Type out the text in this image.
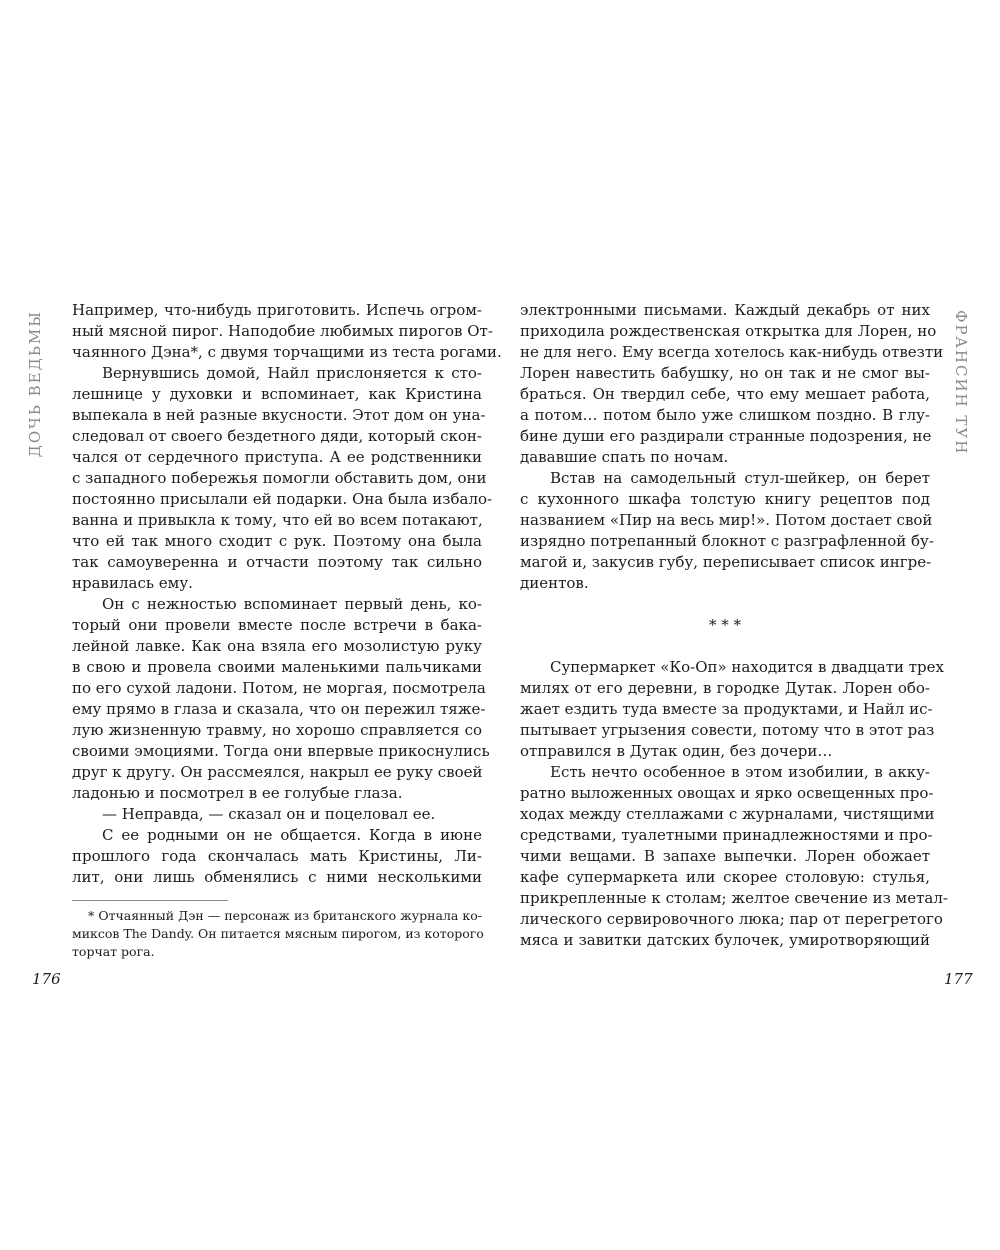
ДОЧЬ ВЕДЬМЫ	ФРАНСИН ТУН
Например, что-нибудь приготовить. Испечь огром-
ный мясной пирог. Наподобие любимых пирогов От-
чаянного Дэна*, с двумя торчащими из теста рогами.
Вернувшись домой, Найл прислоняется к сто-
лешнице у духовки и вспоминает, как Кристина
выпекала в ней разные вкусности. Этот дом он уна-
следовал от своего бездетного дяди, который скон-
чался от сердечного приступа. А ее родственники
с западного побережья помогли обставить дом, они
постоянно присылали ей подарки. Она была избало-
ванна и привыкла к тому, что ей во всем потакают,
что ей так много сходит с рук. Поэтому она была
так самоуверенна и отчасти поэтому так сильно
нравилась ему.
Он с нежностью вспоминает первый день, ко-
торый они провели вместе после встречи в бака-
лейной лавке. Как она взяла его мозолистую руку
в свою и провела своими маленькими пальчиками
по его сухой ладони. Потом, не моргая, посмотрела
ему прямо в глаза и сказала, что он пережил тяже-
лую жизненную травму, но хорошо справляется со
своими эмоциями. Тогда они впервые прикоснулись
друг к другу. Он рассмеялся, накрыл ее руку своей
ладонью и посмотрел в ее голубые глаза.
— Неправда, — сказал он и поцеловал ее.
С ее родными он не общается. Когда в июне
прошлого года скончалась мать Кристины, Ли-
лит, они лишь обменялись с ними несколькими
* Отчаянный Дэн — персонаж из британского журнала ко-
миксов The Dandy. Он питается мясным пирогом, из которого
торчат рога.
электронными письмами. Каждый декабрь от них
приходила рождественская открытка для Лорен, но
не для него. Ему всегда хотелось как-нибудь отвезти
Лорен навестить бабушку, но он так и не смог вы-
браться. Он твердил себе, что ему мешает работа,
а потом… потом было уже слишком поздно. В глу-
бине души его раздирали странные подозрения, не
дававшие спать по ночам.
Встав на самодельный стул-шейкер, он берет
с кухонного шкафа толстую книгу рецептов под
названием «Пир на весь мир!». Потом достает свой
изрядно потрепанный блокнот с разграфленной бу-
магой и, закусив губу, переписывает список ингре-
диентов.
* * *
Супермаркет «Ко-Оп» находится в двадцати трех
милях от его деревни, в городке Дутак. Лорен обо-
жает ездить туда вместе за продуктами, и Найл ис-
пытывает угрызения совести, потому что в этот раз
отправился в Дутак один, без дочери…
Есть нечто особенное в этом изобилии, в акку-
ратно выложенных овощах и ярко освещенных про-
ходах между стеллажами с журналами, чистящими
средствами, туалетными принадлежностями и про-
чими вещами. В запахе выпечки. Лорен обожает
кафе супермаркета или скорее столовую: стулья,
прикрепленные к столам; желтое свечение из метал-
лического сервировочного люка; пар от перегретого
мяса и завитки датских булочек, умиротворяющий
176	177
